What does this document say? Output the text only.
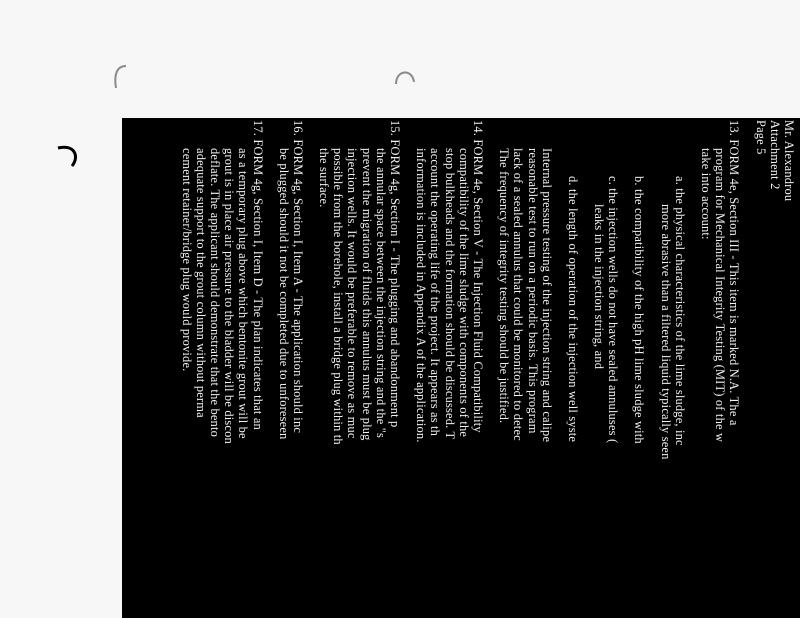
Mr. Alexandrou
Attachment 2
Page 5
13. FORM 4e, Section III - This item is marked N.A. The a
program for Mechanical Integrity Testing (MIT) of the w
take into account:
a. the physical characteristics of the lime sludge, inc
more abrasive than a filtered liquid typically seen
b. the compatibility of the high pH lime sludge with
c. the injection wells do not have sealed annuluses (
leaks in the injection string, and
d. the length of operation of the injection well syste
Internal pressure testing of the injection string and calipe
reasonable test to run on a periodic basis. This program
lack of a sealed annulus that could be monitored to detec
The frequency of integrity testing should be justified.
14. FORM 4e, Section V - The Injection Fluid Compatibility
compatibility of the lime sludge with components of the
stop bulkheads and the formation should be discussed. T
account the operating life of the project. It appears as th
information is included in Appendix A of the application.
15. FORM 4g, Section I - The plugging and abandonment p
the annular space between the injection string and the "s
prevent the migration of fluids this annulus must be plug
injection wells. It would be preferable to remove as muc
possible from the borehole, install a bridge plug within th
the surface.
16. FORM 4g, Section I, Item A - The application should inc
be plugged should it not be completed due to unforeseen
17. FORM 4g, Section I, Item D - The plan indicates that an
as a temporary plug above which bentonite grout will be
grout is in place air pressure to the bladder will be discon
deflate. The applicant should demonstrate that the bento
adequate support to the grout column without perma
cement retainer/bridge plug would provide.
